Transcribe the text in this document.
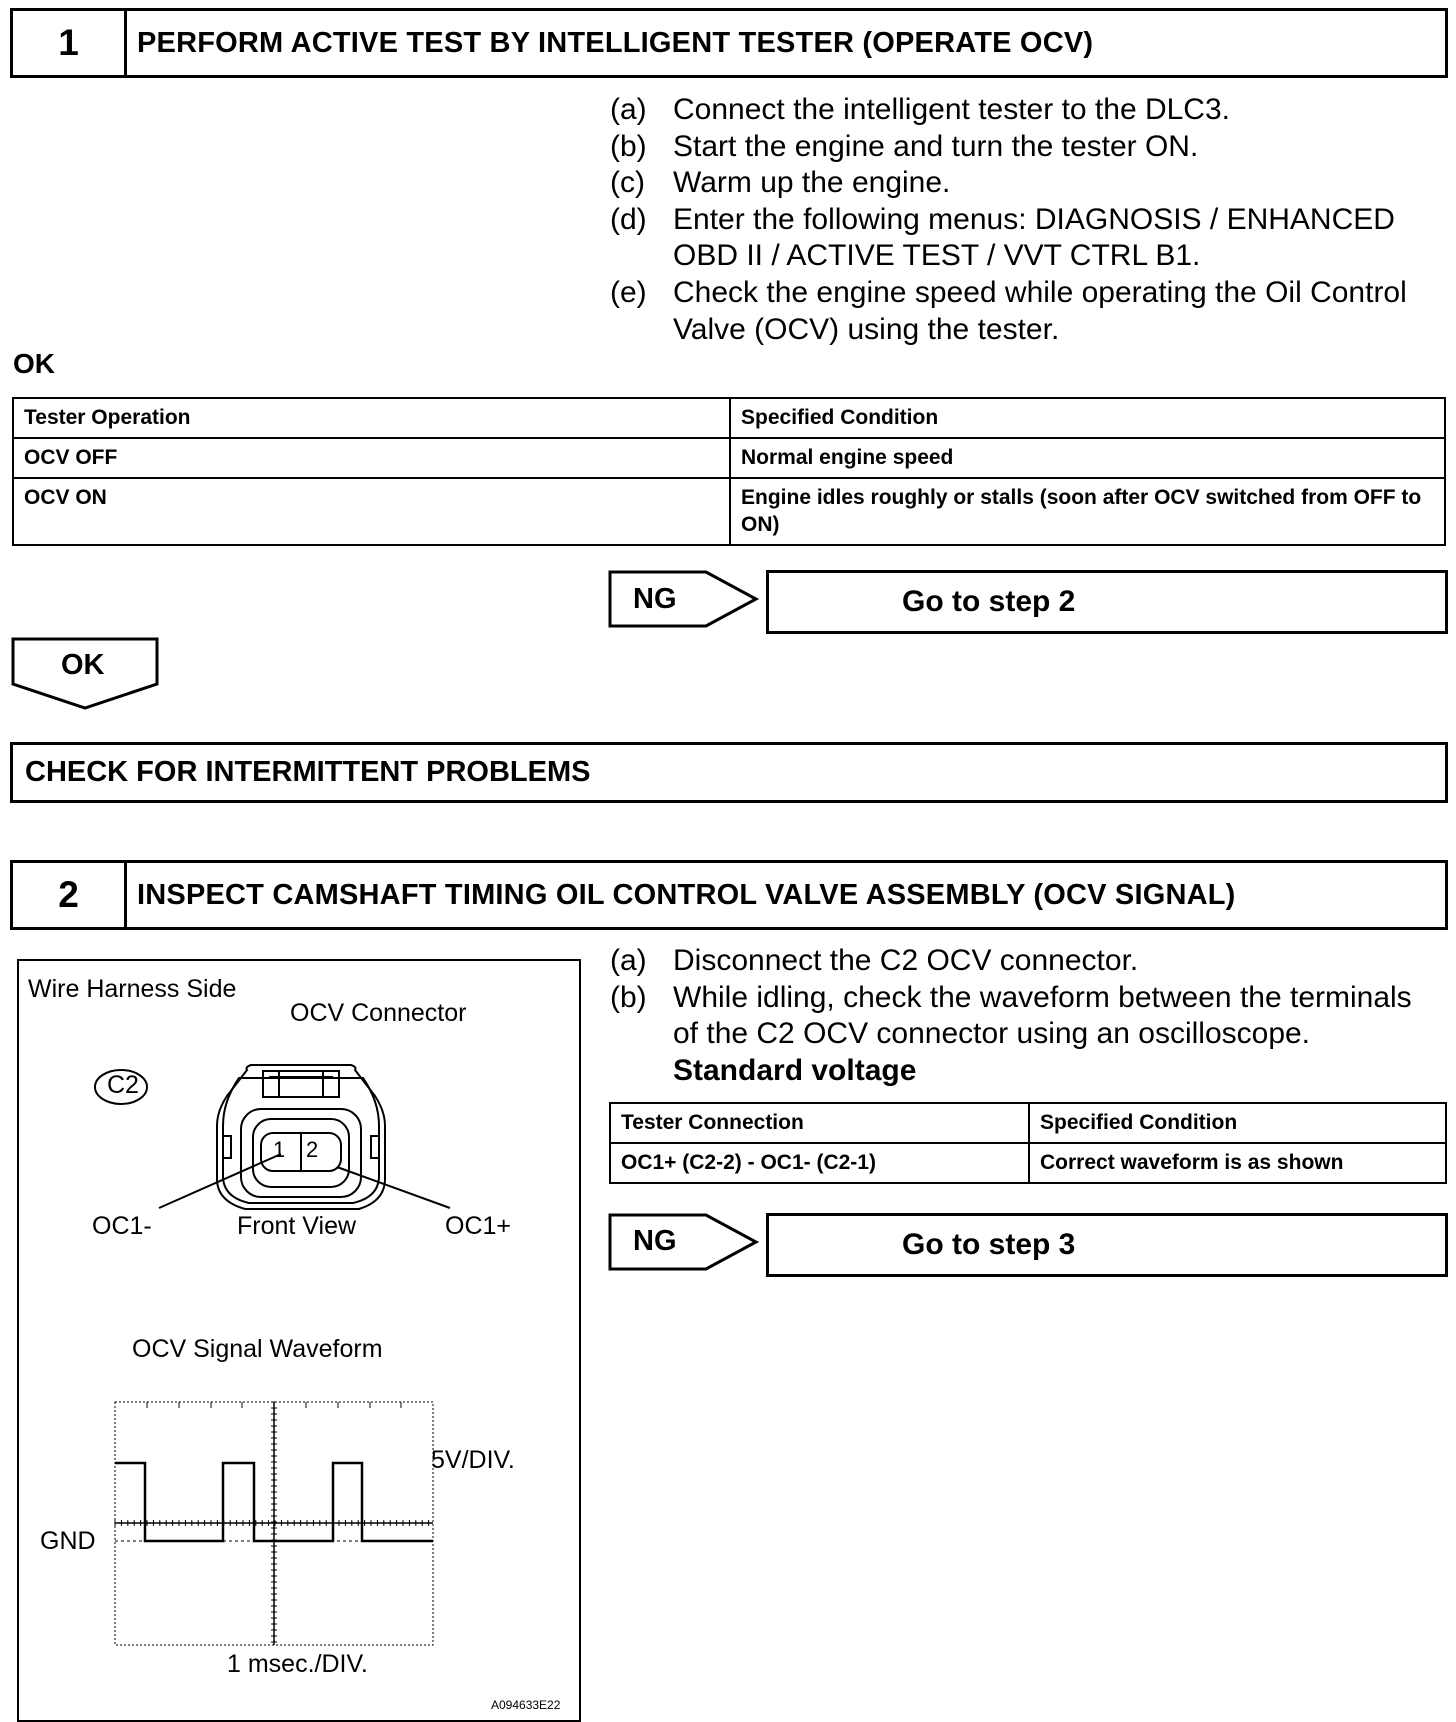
1	PERFORM ACTIVE TEST BY INTELLIGENT TESTER (OPERATE OCV)
(a) Connect the intelligent tester to the DLC3.
(b) Start the engine and turn the tester ON.
(c) Warm up the engine.
(d) Enter the following menus: DIAGNOSIS / ENHANCED
OBD II / ACTIVE TEST / VVT CTRL B1.
(e) Check the engine speed while operating the Oil Control
Valve (OCV) using the tester.
OK
Tester Operation	Specified Condition
OCV OFF	Normal engine speed
OCV ON	Engine idles roughly or stalls (soon after OCV switched from OFF to ON)
NG	Go to step 2
OK
CHECK FOR INTERMITTENT PROBLEMS
2	INSPECT CAMSHAFT TIMING OIL CONTROL VALVE ASSEMBLY (OCV SIGNAL)
(a) Disconnect the C2 OCV connector.
(b) While idling, check the waveform between the terminals
of the C2 OCV connector using an oscilloscope.
Standard voltage
Tester Connection	Specified Condition
OC1+ (C2-2) - OC1- (C2-1)	Correct waveform is as shown
NG	Go to step 3
Wire Harness Side
OCV Connector
C2
1 2
OC1-	Front View	OC1+
OCV Signal Waveform
5V/DIV.
GND
1 msec./DIV.
A094633E22
